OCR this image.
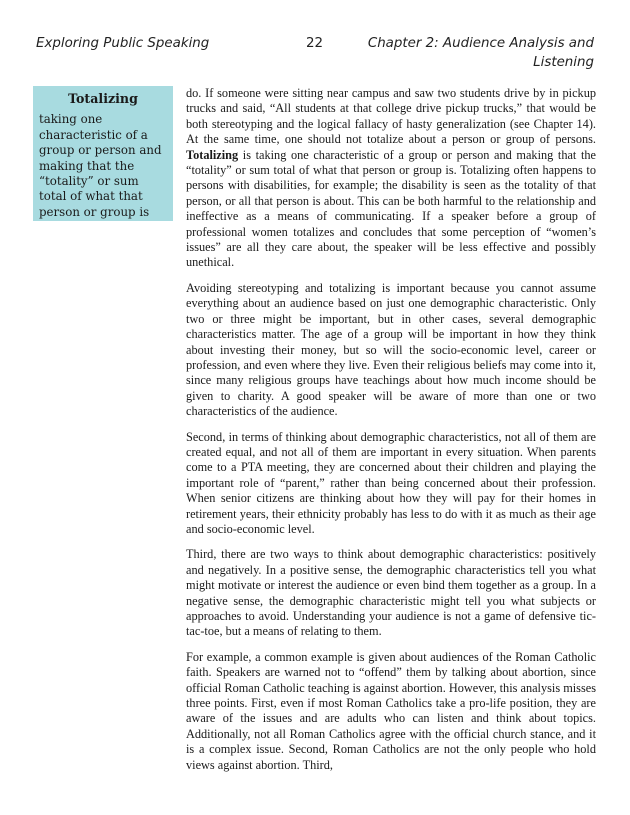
Exploring Public Speaking	22	Chapter 2: Audience Analysis and Listening
Totalizing
taking one characteristic of a group or person and making that the “totality” or sum total of what that person or group is

do. If someone were sitting near campus and saw two students drive by in pickup trucks and said, “All students at that college drive pickup trucks,” that would be both stereotyping and the logical fallacy of hasty generalization (see Chapter 14). At the same time, one should not totalize about a person or group of persons. Totalizing is taking one characteristic of a group or person and making that the “totality” or sum total of what that person or group is. Totalizing often happens to persons with disabilities, for example; the disability is seen as the totality of that person, or all that person is about. This can be both harmful to the relationship and ineffective as a means of communicating. If a speaker before a group of professional women totalizes and concludes that some perception of “women’s issues” are all they care about, the speaker will be less effective and possibly unethical.

Avoiding stereotyping and totalizing is important because you cannot assume everything about an audience based on just one demographic characteristic. Only two or three might be important, but in other cases, several demographic characteristics matter. The age of a group will be important in how they think about investing their money, but so will the socio-economic level, career or profession, and even where they live. Even their religious beliefs may come into it, since many religious groups have teachings about how much income should be given to charity. A good speaker will be aware of more than one or two characteristics of the audience.

Second, in terms of thinking about demographic characteristics, not all of them are created equal, and not all of them are important in every situation. When parents come to a PTA meeting, they are concerned about their children and playing the important role of “parent,” rather than being concerned about their profession. When senior citizens are thinking about how they will pay for their homes in retirement years, their ethnicity probably has less to do with it as much as their age and socio-economic level.

Third, there are two ways to think about demographic characteristics: positively and negatively. In a positive sense, the demographic characteristics tell you what might motivate or interest the audience or even bind them together as a group. In a negative sense, the demographic characteristic might tell you what subjects or approaches to avoid. Understanding your audience is not a game of defensive tic-tac-toe, but a means of relating to them.

For example, a common example is given about audiences of the Roman Catholic faith. Speakers are warned not to “offend” them by talking about abortion, since official Roman Catholic teaching is against abortion. However, this analysis misses three points. First, even if most Roman Catholics take a pro-life position, they are aware of the issues and are adults who can listen and think about topics. Additionally, not all Roman Catholics agree with the official church stance, and it is a complex issue. Second, Roman Catholics are not the only people who hold views against abortion. Third,
